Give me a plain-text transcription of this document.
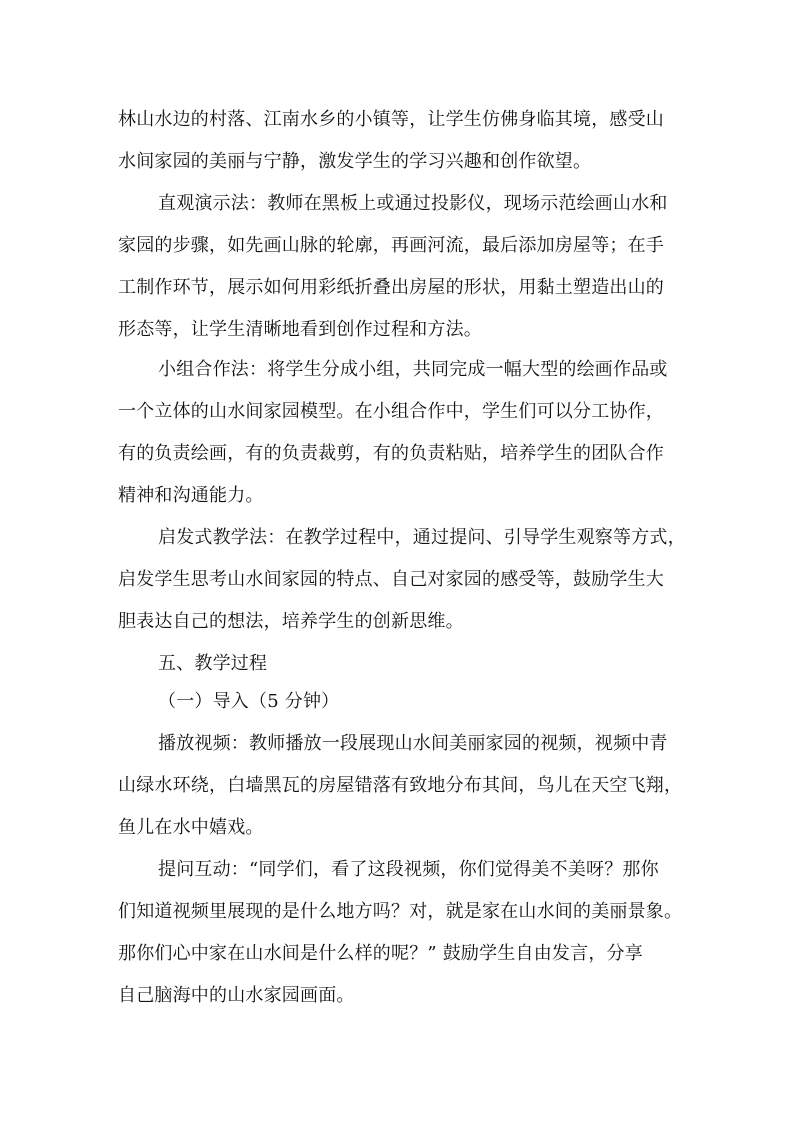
林山水边的村落、江南水乡的小镇等，让学生仿佛身临其境，感受山
水间家园的美丽与宁静，激发学生的学习兴趣和创作欲望。
直观演示法：教师在黑板上或通过投影仪，现场示范绘画山水和
家园的步骤，如先画山脉的轮廓，再画河流，最后添加房屋等；在手
工制作环节，展示如何用彩纸折叠出房屋的形状，用黏土塑造出山的
形态等，让学生清晰地看到创作过程和方法。
小组合作法：将学生分成小组，共同完成一幅大型的绘画作品或
一个立体的山水间家园模型。在小组合作中，学生们可以分工协作，
有的负责绘画，有的负责裁剪，有的负责粘贴，培养学生的团队合作
精神和沟通能力。
启发式教学法：在教学过程中，通过提问、引导学生观察等方式，
启发学生思考山水间家园的特点、自己对家园的感受等，鼓励学生大
胆表达自己的想法，培养学生的创新思维。
五、教学过程
（一）导入（5 分钟）
播放视频：教师播放一段展现山水间美丽家园的视频，视频中青
山绿水环绕，白墙黑瓦的房屋错落有致地分布其间，鸟儿在天空飞翔，
鱼儿在水中嬉戏。
提问互动：“同学们，看了这段视频，你们觉得美不美呀？那你
们知道视频里展现的是什么地方吗？对，就是家在山水间的美丽景象。
那你们心中家在山水间是什么样的呢？” 鼓励学生自由发言，分享
自己脑海中的山水家园画面。
